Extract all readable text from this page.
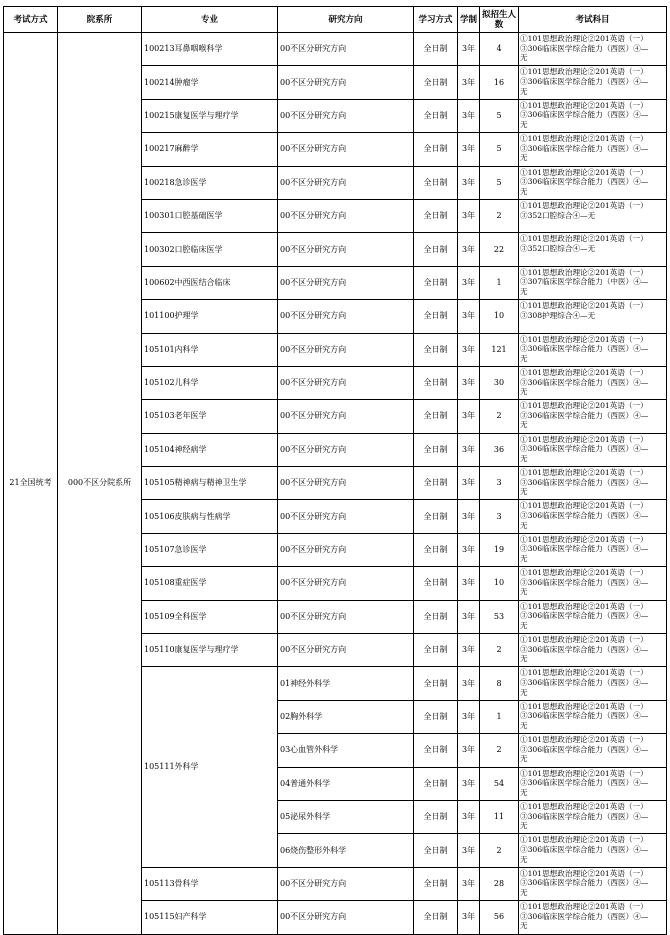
考试方式	院系所	专业	研究方向	学习方式	学制	拟招生人数	考试科目
21全国统考	000不区分院系所	100213耳鼻咽喉科学	00不区分研究方向	全日制	3年	4	①101思想政治理论②201英语（一）
③306临床医学综合能力（西医）④—
无
		100214肿瘤学	00不区分研究方向	全日制	3年	16	①101思想政治理论②201英语（一）
③306临床医学综合能力（西医）④—
无
		100215康复医学与理疗学	00不区分研究方向	全日制	3年	5	①101思想政治理论②201英语（一）
③306临床医学综合能力（西医）④—
无
		100217麻醉学	00不区分研究方向	全日制	3年	5	①101思想政治理论②201英语（一）
③306临床医学综合能力（西医）④—
无
		100218急诊医学	00不区分研究方向	全日制	3年	5	①101思想政治理论②201英语（一）
③306临床医学综合能力（西医）④—
无
		100301口腔基础医学	00不区分研究方向	全日制	3年	2	①101思想政治理论②201英语（一）
③352口腔综合④—无
		100302口腔临床医学	00不区分研究方向	全日制	3年	22	①101思想政治理论②201英语（一）
③352口腔综合④—无
		100602中西医结合临床	00不区分研究方向	全日制	3年	1	①101思想政治理论②201英语（一）
③307临床医学综合能力（中医）④—
无
		101100护理学	00不区分研究方向	全日制	3年	10	①101思想政治理论②201英语（一）
③308护理综合④—无
		105101内科学	00不区分研究方向	全日制	3年	121	①101思想政治理论②201英语（一）
③306临床医学综合能力（西医）④—
无
		105102儿科学	00不区分研究方向	全日制	3年	30	①101思想政治理论②201英语（一）
③306临床医学综合能力（西医）④—
无
		105103老年医学	00不区分研究方向	全日制	3年	2	①101思想政治理论②201英语（一）
③306临床医学综合能力（西医）④—
无
		105104神经病学	00不区分研究方向	全日制	3年	36	①101思想政治理论②201英语（一）
③306临床医学综合能力（西医）④—
无
		105105精神病与精神卫生学	00不区分研究方向	全日制	3年	3	①101思想政治理论②201英语（一）
③306临床医学综合能力（西医）④—
无
		105106皮肤病与性病学	00不区分研究方向	全日制	3年	3	①101思想政治理论②201英语（一）
③306临床医学综合能力（西医）④—
无
		105107急诊医学	00不区分研究方向	全日制	3年	19	①101思想政治理论②201英语（一）
③306临床医学综合能力（西医）④—
无
		105108重症医学	00不区分研究方向	全日制	3年	10	①101思想政治理论②201英语（一）
③306临床医学综合能力（西医）④—
无
		105109全科医学	00不区分研究方向	全日制	3年	53	①101思想政治理论②201英语（一）
③306临床医学综合能力（西医）④—
无
		105110康复医学与理疗学	00不区分研究方向	全日制	3年	2	①101思想政治理论②201英语（一）
③306临床医学综合能力（西医）④—
无
		105111外科学	01神经外科学	全日制	3年	8	①101思想政治理论②201英语（一）
③306临床医学综合能力（西医）④—
无
			02胸外科学	全日制	3年	1	①101思想政治理论②201英语（一）
③306临床医学综合能力（西医）④—
无
			03心血管外科学	全日制	3年	2	①101思想政治理论②201英语（一）
③306临床医学综合能力（西医）④—
无
			04普通外科学	全日制	3年	54	①101思想政治理论②201英语（一）
③306临床医学综合能力（西医）④—
无
			05泌尿外科学	全日制	3年	11	①101思想政治理论②201英语（一）
③306临床医学综合能力（西医）④—
无
			06烧伤整形外科学	全日制	3年	2	①101思想政治理论②201英语（一）
③306临床医学综合能力（西医）④—
无
		105113骨科学	00不区分研究方向	全日制	3年	28	①101思想政治理论②201英语（一）
③306临床医学综合能力（西医）④—
无
		105115妇产科学	00不区分研究方向	全日制	3年	56	①101思想政治理论②201英语（一）
③306临床医学综合能力（西医）④—
无
